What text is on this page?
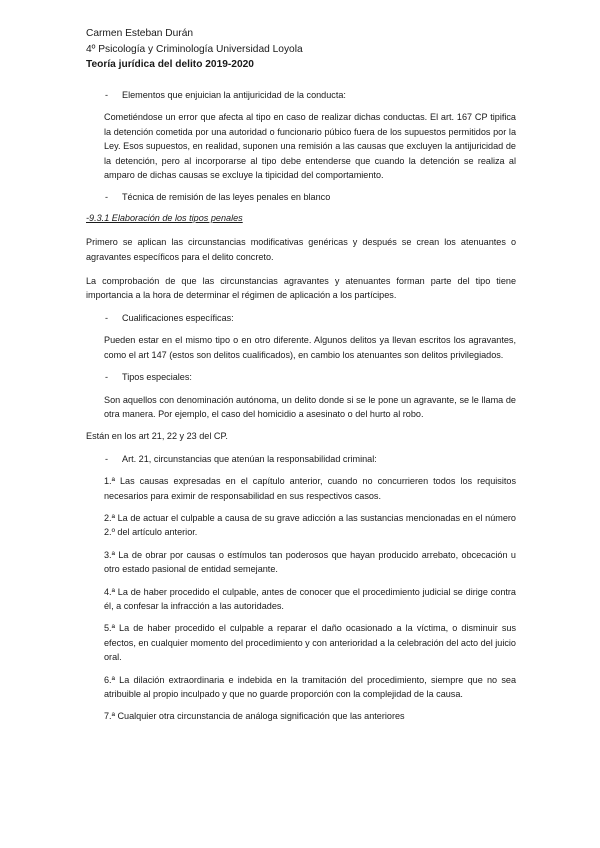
Carmen Esteban Durán
4º Psicología y Criminología Universidad Loyola
Teoría jurídica del delito 2019-2020
- Elementos que enjuician la antijuricidad de la conducta:
Cometiéndose un error que afecta al tipo en caso de realizar dichas conductas. El art. 167 CP tipifica la detención cometida por una autoridad o funcionario púbico fuera de los supuestos permitidos por la Ley. Esos supuestos, en realidad, suponen una remisión a las causas que excluyen la antijuricidad de la detención, pero al incorporarse al tipo debe entenderse que cuando la detención se realiza al amparo de dichas causas se excluye la tipicidad del comportamiento.
- Técnica de remisión de las leyes penales en blanco
-9.3.1 Elaboración de los tipos penales
Primero se aplican las circunstancias modificativas genéricas y después se crean los atenuantes o agravantes específicos para el delito concreto.
La comprobación de que las circunstancias agravantes y atenuantes forman parte del tipo tiene importancia a la hora de determinar el régimen de aplicación a los partícipes.
- Cualificaciones específicas:
Pueden estar en el mismo tipo o en otro diferente. Algunos delitos ya llevan escritos los agravantes, como el art 147 (estos son delitos cualificados), en cambio los atenuantes son delitos privilegiados.
- Tipos especiales:
Son aquellos con denominación autónoma, un delito donde si se le pone un agravante, se le llama de otra manera. Por ejemplo, el caso del homicidio a asesinato o del hurto al robo.
Están en los art 21, 22 y 23 del CP.
- Art. 21, circunstancias que atenúan la responsabilidad criminal:
1.ª Las causas expresadas en el capítulo anterior, cuando no concurrieren todos los requisitos necesarios para eximir de responsabilidad en sus respectivos casos.
2.ª La de actuar el culpable a causa de su grave adicción a las sustancias mencionadas en el número 2.º del artículo anterior.
3.ª La de obrar por causas o estímulos tan poderosos que hayan producido arrebato, obcecación u otro estado pasional de entidad semejante.
4.ª La de haber procedido el culpable, antes de conocer que el procedimiento judicial se dirige contra él, a confesar la infracción a las autoridades.
5.ª La de haber procedido el culpable a reparar el daño ocasionado a la víctima, o disminuir sus efectos, en cualquier momento del procedimiento y con anterioridad a la celebración del acto del juicio oral.
6.ª La dilación extraordinaria e indebida en la tramitación del procedimiento, siempre que no sea atribuible al propio inculpado y que no guarde proporción con la complejidad de la causa.
7.ª Cualquier otra circunstancia de análoga significación que las anteriores
